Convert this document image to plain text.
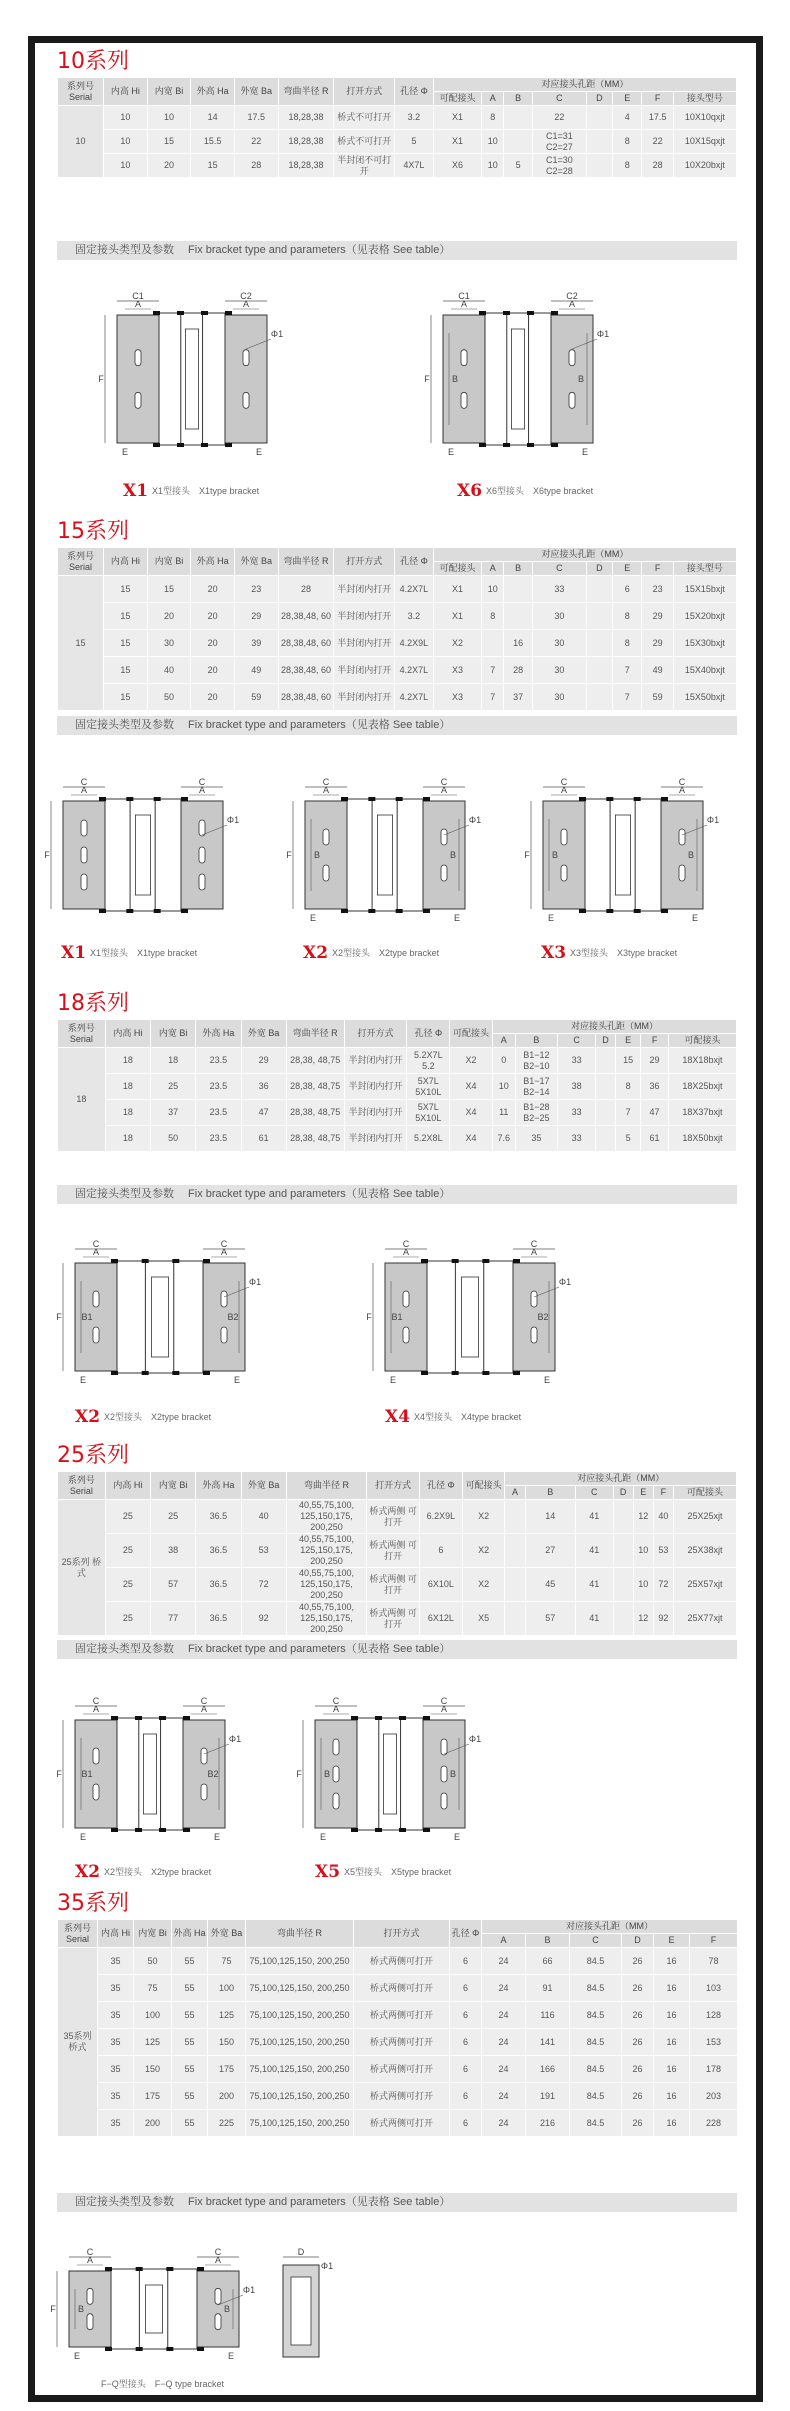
10系列
系列号 Serial	内高 Hi	内宽 Bi	外高 Ha	外宽 Ba	弯曲半径 R	打开方式	孔径 Φ	对应接头孔距（MM）							
								可配接头	A	B	C	D	E	F	接头型号
10	10	10	14	17.5	18,28,38	桥式不可打开	3.2	X1	8		22		4	17.5	10X10qxjt
	10	15	15.5	22	18,28,38	桥式不可打开	5	X1	10		C1=31 C2=27		8	22	10X15qxjt
	10	20	15	28	18,28,38	半封闭不可打开	4X7L	X6	10	5	C1=30 C2=28		8	28	10X20bxjt
固定接头类型及参数　 Fix bracket type and parameters（见表格 See table）
C1	C2
A	A
Φ1
F
E	E
X1 X1型接头　X1type bracket
C1	C2
A	A
Φ1
F B	B
E	E
X6 X6型接头　X6type bracket
15系列
系列号 Serial	内高 Hi	内宽 Bi	外高 Ha	外宽 Ba	弯曲半径 R	打开方式	孔径 Φ	对应接头孔距（MM）							
								可配接头	A	B	C	D	E	F	接头型号
15	15	15	20	23	28	半封闭内打开	4.2X7L	X1	10		33		6	23	15X15bxjt
	15	20	20	29	28,38,48, 60	半封闭内打开	3.2	X1	8		30		8	29	15X20bxjt
	15	30	20	39	28,38,48, 60	半封闭内打开	4.2X9L	X2		16	30		8	29	15X30bxjt
	15	40	20	49	28,38,48, 60	半封闭内打开	4.2X7L	X3	7	28	30		7	49	15X40bxjt
	15	50	20	59	28,38,48, 60	半封闭内打开	4.2X7L	X3	7	37	30		7	59	15X50bxjt
固定接头类型及参数　 Fix bracket type and parameters（见表格 See table）
C	C
A	A
Φ1
F
X1 X1型接头　X1type bracket
C	C
A	A
Φ1
F B	B
E	E
X2 X2型接头　X2type bracket
C	C
A	A
Φ1
F B	B
E	E
X3 X3型接头　X3type bracket
18系列
系列号 Serial	内高 Hi	内宽 Bi	外高 Ha	外宽 Ba	弯曲半径 R	打开方式	孔径 Φ	可配接头	对应接头孔距（MM）						
									A	B	C	D	E	F	可配接头
18	18	18	23.5	29	28,38, 48,75	半封闭内打开	5.2X7L 5.2	X2	0	B1−12 B2−10	33		15	29	18X18bxjt
	18	25	23.5	36	28,38, 48,75	半封闭内打开	5X7L 5X10L	X4	10	B1−17 B2−14	38		8	36	18X25bxjt
	18	37	23.5	47	28,38, 48,75	半封闭内打开	5X7L 5X10L	X4	11	B1−28 B2−25	33		7	47	18X37bxjt
	18	50	23.5	61	28,38, 48,75	半封闭内打开	5.2X8L	X4	7.6	35	33		5	61	18X50bxjt
固定接头类型及参数　 Fix bracket type and parameters（见表格 See table）
C	C
A	A
Φ1
F B1	B2
E	E
X2 X2型接头　X2type bracket
C	C
A	A
Φ1
F B1	B2
E	E
X4 X4型接头　X4type bracket
25系列
系列号 Serial	内高 Hi	内宽 Bi	外高 Ha	外宽 Ba	弯曲半径 R	打开方式	孔径 Φ	可配接头	对应接头孔距（MM）						
									A	B	C	D	E	F	可配接头
25系列 桥式	25	25	36.5	40	40,55,75,100, 125,150,175, 200,250	桥式两侧 可打开	6.2X9L	X2		14	41		12	40	25X25xjt
	25	38	36.5	53	40,55,75,100, 125,150,175, 200,250	桥式两侧 可打开	6	X2		27	41		10	53	25X38xjt
	25	57	36.5	72	40,55,75,100, 125,150,175, 200,250	桥式两侧 可打开	6X10L	X2		45	41		10	72	25X57xjt
	25	77	36.5	92	40,55,75,100, 125,150,175, 200,250	桥式两侧 可打开	6X12L	X5		57	41		12	92	25X77xjt
固定接头类型及参数　 Fix bracket type and parameters（见表格 See table）
C	C
A	A
Φ1
F B1	B2
E	E
X2 X2型接头　X2type bracket
C	C
A	A
Φ1
F B	B
E	E
X5 X5型接头　X5type bracket
35系列
系列号 Serial	内高 Hi	内宽 Bi	外高 Ha	外宽 Ba	弯曲半径 R	打开方式	孔径 Φ	对应接头孔距（MM）					
								A	B	C	D	E	F
35系列 桥式	35	50	55	75	75,100,125,150, 200,250	桥式两侧可打开	6	24	66	84.5	26	16	78
	35	75	55	100	75,100,125,150, 200,250	桥式两侧可打开	6	24	91	84.5	26	16	103
	35	100	55	125	75,100,125,150, 200,250	桥式两侧可打开	6	24	116	84.5	26	16	128
	35	125	55	150	75,100,125,150, 200,250	桥式两侧可打开	6	24	141	84.5	26	16	153
	35	150	55	175	75,100,125,150, 200,250	桥式两侧可打开	6	24	166	84.5	26	16	178
	35	175	55	200	75,100,125,150, 200,250	桥式两侧可打开	6	24	191	84.5	26	16	203
	35	200	55	225	75,100,125,150, 200,250	桥式两侧可打开	6	24	216	84.5	26	16	228
固定接头类型及参数　 Fix bracket type and parameters（见表格 See table）
C	C
A	A
Φ1
F B	B
E	E
D
Φ1
F−Q型接头　F−Q type bracket
